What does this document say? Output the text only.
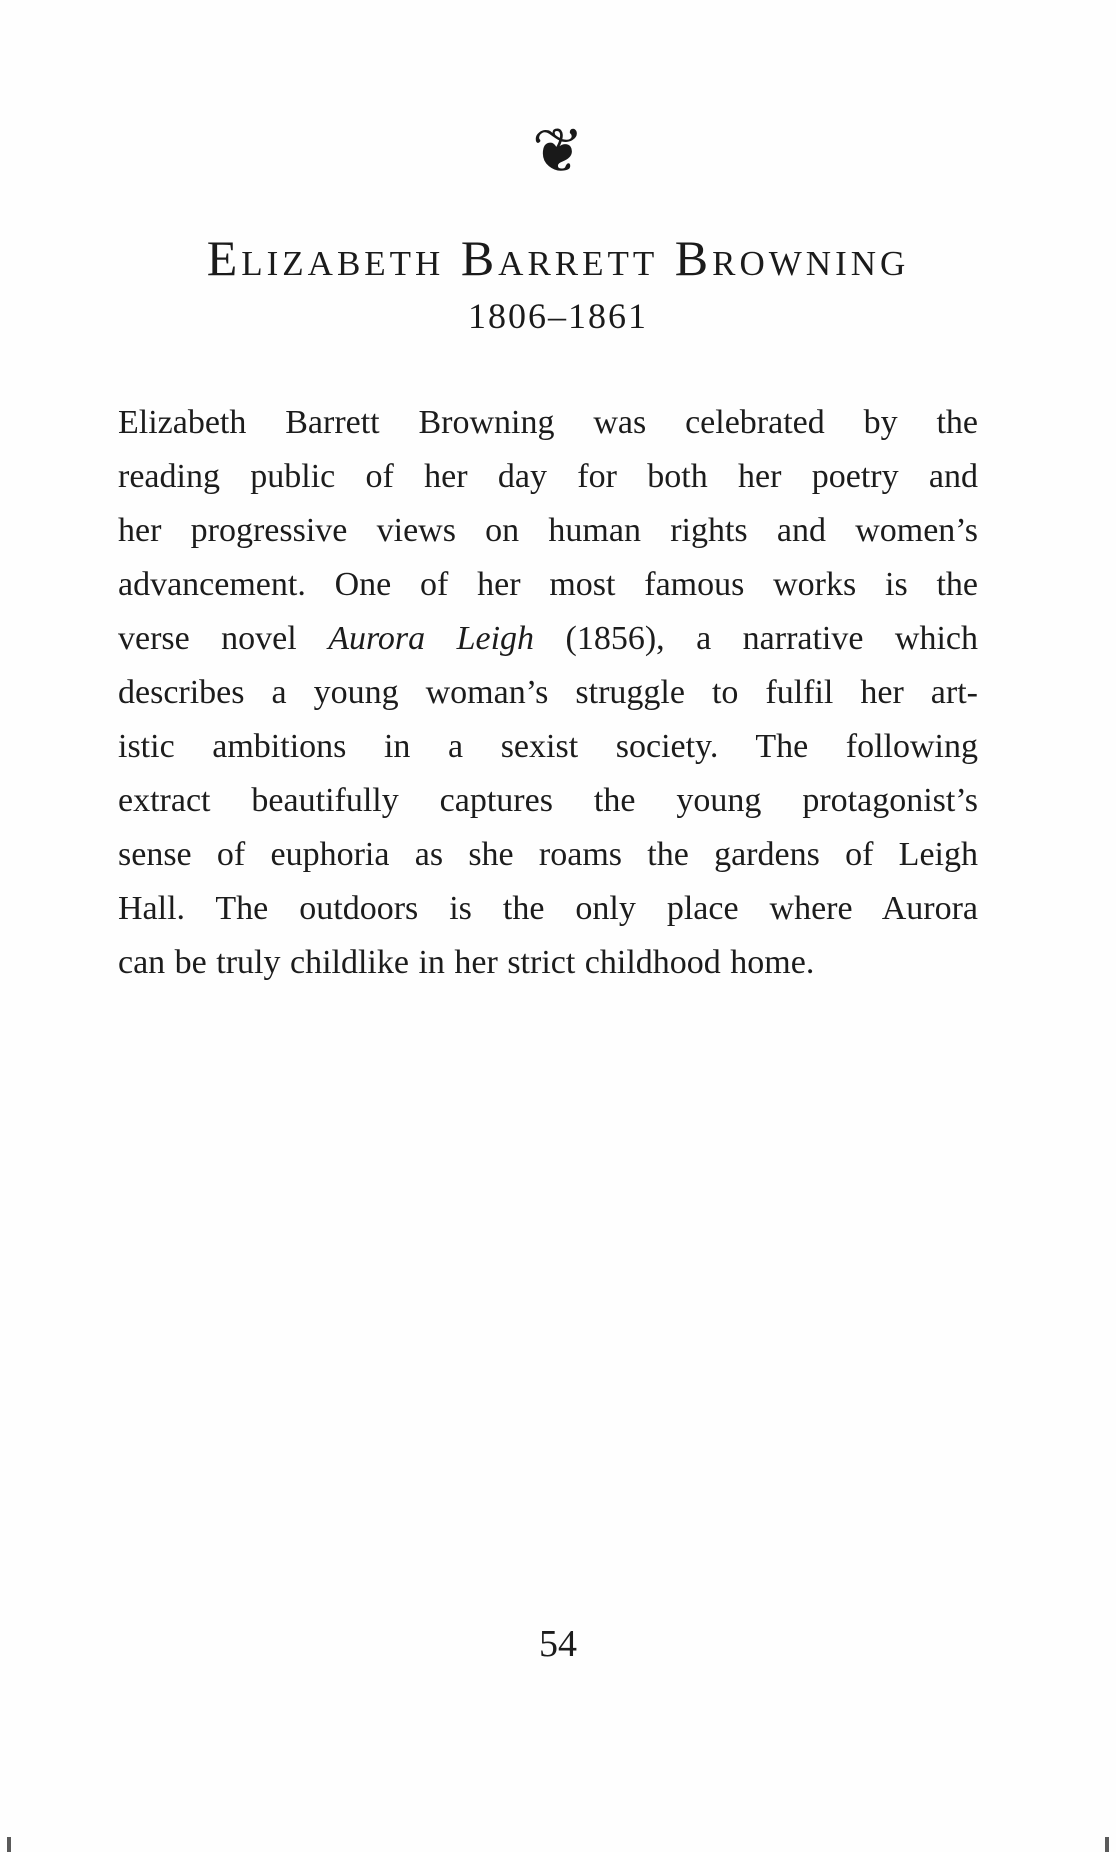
❦
Elizabeth Barrett Browning
1806–1861
Elizabeth Barrett Browning was celebrated by the
reading public of her day for both her poetry and
her progressive views on human rights and women’s
advancement. One of her most famous works is the
verse novel Aurora Leigh (1856), a narrative which
describes a young woman’s struggle to fulfil her art-
istic ambitions in a sexist society. The following
extract beautifully captures the young protagonist’s
sense of euphoria as she roams the gardens of Leigh
Hall. The outdoors is the only place where Aurora
can be truly childlike in her strict childhood home.
54
